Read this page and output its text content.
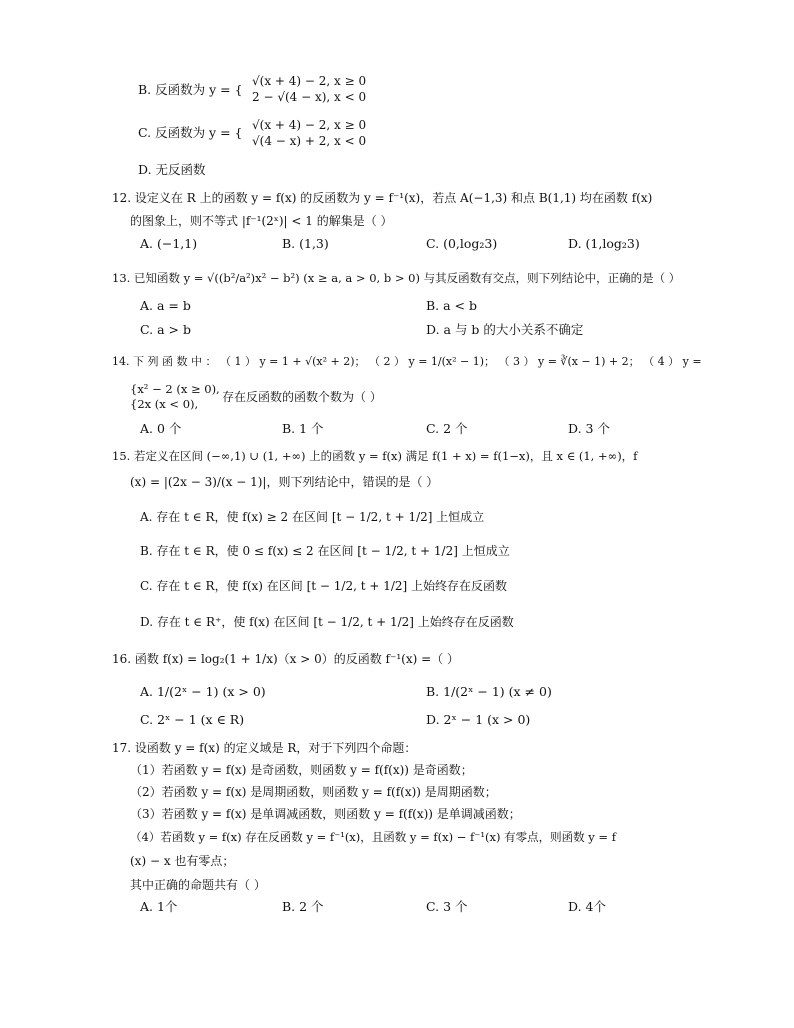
B. 反函数为 y = {
√(x + 4) − 2, x ≥ 0
2 − √(4 − x), x < 0
C. 反函数为 y = { √(x + 4) − 2, x ≥ 0
√(4 − x) + 2, x < 0
D. 无反函数
12. 设定义在 R 上的函数 y = f(x) 的反函数为 y = f⁻¹(x)，若点 A(−1,3) 和点 B(1,1) 均在函数 f(x)
的图象上，则不等式 |f⁻¹(2ˣ)| < 1 的解集是（ ）
A. (−1,1)	B. (1,3)	C. (0,log₂3)	D. (1,log₂3)
13. 已知函数 y = √((b²/a²)x² − b²) (x ≥ a, a > 0, b > 0) 与其反函数有交点，则下列结论中，正确的是（ ）
A. a = b	B. a < b
C. a > b	D. a 与 b 的大小关系不确定
14. 下 列 函 数 中 ： （ 1 ） y = 1 + √(x² + 2)； （ 2 ） y = 1/(x² − 1)； （ 3 ） y = ∛(x − 1) + 2； （ 4 ） y =
{x² − 2 (x ≥ 0),
{2x (x < 0), 存在反函数的函数个数为（ ）
A. 0 个	B. 1 个	C. 2 个	D. 3 个
15. 若定义在区间 (−∞,1) ∪ (1, +∞) 上的函数 y = f(x) 满足 f(1 + x) = f(1−x)，且 x ∈ (1, +∞)，f
(x) = |(2x − 3)/(x − 1)|，则下列结论中，错误的是（ ）
A. 存在 t ∈ R，使 f(x) ≥ 2 在区间 [t − 1/2, t + 1/2] 上恒成立
B. 存在 t ∈ R，使 0 ≤ f(x) ≤ 2 在区间 [t − 1/2, t + 1/2] 上恒成立
C. 存在 t ∈ R，使 f(x) 在区间 [t − 1/2, t + 1/2] 上始终存在反函数
D. 存在 t ∈ R⁺，使 f(x) 在区间 [t − 1/2, t + 1/2] 上始终存在反函数
16. 函数 f(x) = log₂(1 + 1/x)（x > 0）的反函数 f⁻¹(x) =（ ）
A. 1/(2ˣ − 1) (x > 0)	B. 1/(2ˣ − 1) (x ≠ 0)
C. 2ˣ − 1 (x ∈ R)	D. 2ˣ − 1 (x > 0)
17. 设函数 y = f(x) 的定义域是 R，对于下列四个命题：
（1）若函数 y = f(x) 是奇函数，则函数 y = f(f(x)) 是奇函数；
（2）若函数 y = f(x) 是周期函数，则函数 y = f(f(x)) 是周期函数；
（3）若函数 y = f(x) 是单调减函数，则函数 y = f(f(x)) 是单调减函数；
（4）若函数 y = f(x) 存在反函数 y = f⁻¹(x)，且函数 y = f(x) − f⁻¹(x) 有零点，则函数 y = f
(x) − x 也有零点；
其中正确的命题共有（ ）
A. 1个	B. 2 个	C. 3 个	D. 4个
